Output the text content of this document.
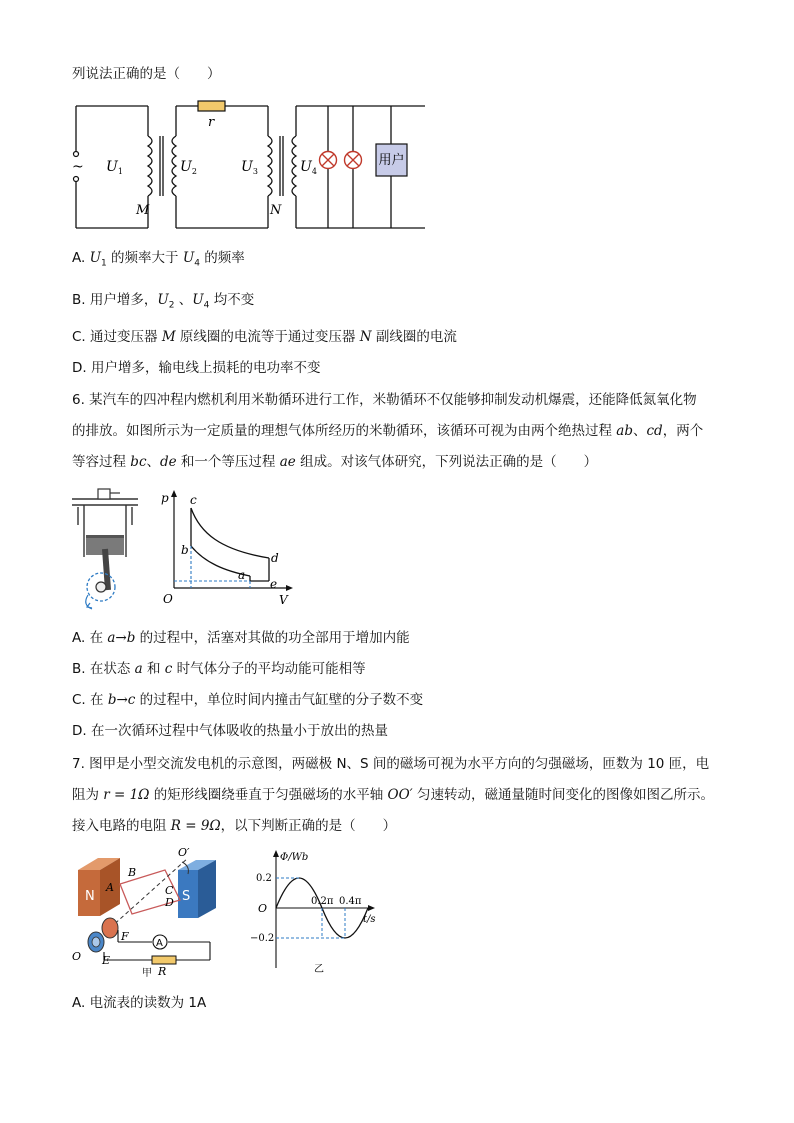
列说法正确的是（　　）
用户
~
r
$U_1$	$U_2$	$U_3$	$U_4$
M	N
A. $U_1$ 的频率大于 $U_4$ 的频率
B. 用户增多，$U_2$ 、$U_4$ 均不变
C. 通过变压器 M 原线圈的电流等于通过变压器 N 副线圈的电流
D. 用户增多，输电线上损耗的电功率不变
6. 某汽车的四冲程内燃机利用米勒循环进行工作，米勒循环不仅能够抑制发动机爆震，还能降低氮氧化物
的排放。如图所示为一定质量的理想气体所经历的米勒循环，该循环可视为由两个绝热过程 ab、cd，两个
等容过程 bc、de 和一个等压过程 ae 组成。对该气体研究，下列说法正确的是（　　）
p
V
O
c
b
d
a
e
A. 在 a→b 的过程中，活塞对其做的功全部用于增加内能
B. 在状态 a 和 c 时气体分子的平均动能可能相等
C. 在 b→c 的过程中，单位时间内撞击气缸壁的分子数不变
D. 在一次循环过程中气体吸收的热量小于放出的热量
7. 图甲是小型交流发电机的示意图，两磁极 N、S 间的磁场可视为水平方向的匀强磁场，匝数为 10 匝，电
阻为 r = 1Ω 的矩形线圈绕垂直于匀强磁场的水平轴 OO′ 匀速转动，磁通量随时间变化的图像如图乙所示。
接入电路的电阻 R = 9Ω，以下判断正确的是（　　）
N	S
A
A
B
C
D
O′
F
E
O
R
甲
Φ/Wb
t/s
O
0.2
−0.2
0.2π 0.4π
乙
A. 电流表的读数为 1A
